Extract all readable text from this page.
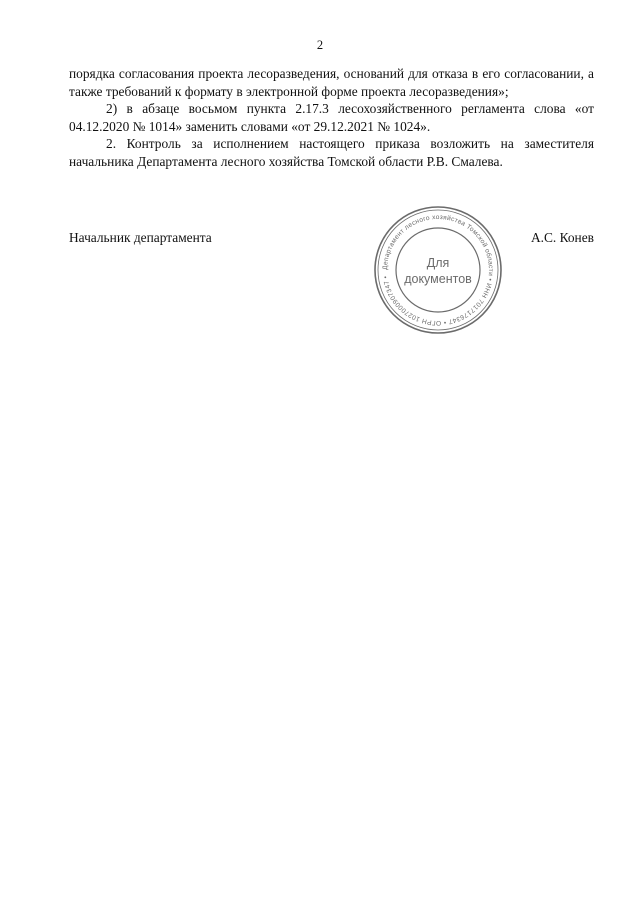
2

порядка согласования проекта лесоразведения, оснований для отказа в его согласовании, а также требований к формату в электронной форме проекта лесоразведения»;

2) в абзаце восьмом пункта 2.17.3 лесохозяйственного регламента слова «от 04.12.2020 № 1014» заменить словами «от 29.12.2021 № 1024».

2. Контроль за исполнением настоящего приказа возложить на заместителя начальника Департамента лесного хозяйства Томской области Р.В. Смалева.

Начальник департамента	А.С. Конев
Департамент лесного хозяйства Томской области • ИНН 7017176347 • ОГРН 1027000907347 •
Для
документов
